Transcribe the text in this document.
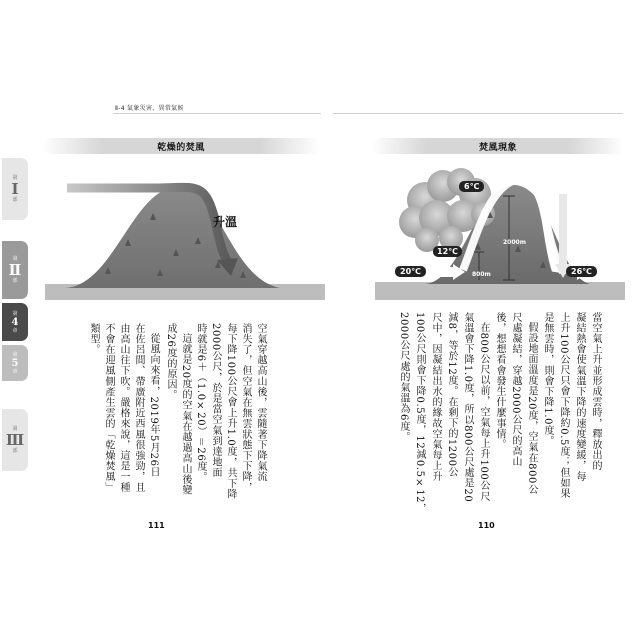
第
Ⅰ
部
第
Ⅱ
部
第
4
章
第
5
章
第
Ⅲ
部
Ⅱ-4 氣象災害、異常氣候
乾燥的焚風
升溫
空氣穿越高山後，雲隨著下降氣流
消失了，但空氣在無雲狀態下下降，
每下降100公尺會上升1.0度，共下降
2000公尺，於是當空氣到達地面
時就是6＋（1.0×20）＝26度。
這就是20度的空氣在越過高山後變
成26度的原因。
從風向來看，2019年5月26日
在佐呂間、帶廣附近西風很強勁，且
由高山往下吹。嚴格來說，這是一種
不會在迎風側產生雲的「乾燥焚風」
類型。
111
焚風現象
6℃
12℃
20℃	26℃
2000m
800m
當空氣上升並形成雲時，釋放出的
凝結熱會使氣溫下降的速度變緩，每
上升100公尺只會下降約0.5度；但如果
是無雲時，則會下降1.0度。
假設地面溫度是20度，空氣在800公
尺處凝結，穿越2000公尺的高山
後，想想看會發生什麼事情。
在800公尺以前，空氣每上升100公尺
氣溫會下降1.0度，所以800公尺處是20
減8，等於12度。在剩下的1200公
尺中，因凝結出水的緣故空氣每上升
100公尺則會下降0.5度，12減0.5×12，
2000公尺處的氣溫為6度。
110
